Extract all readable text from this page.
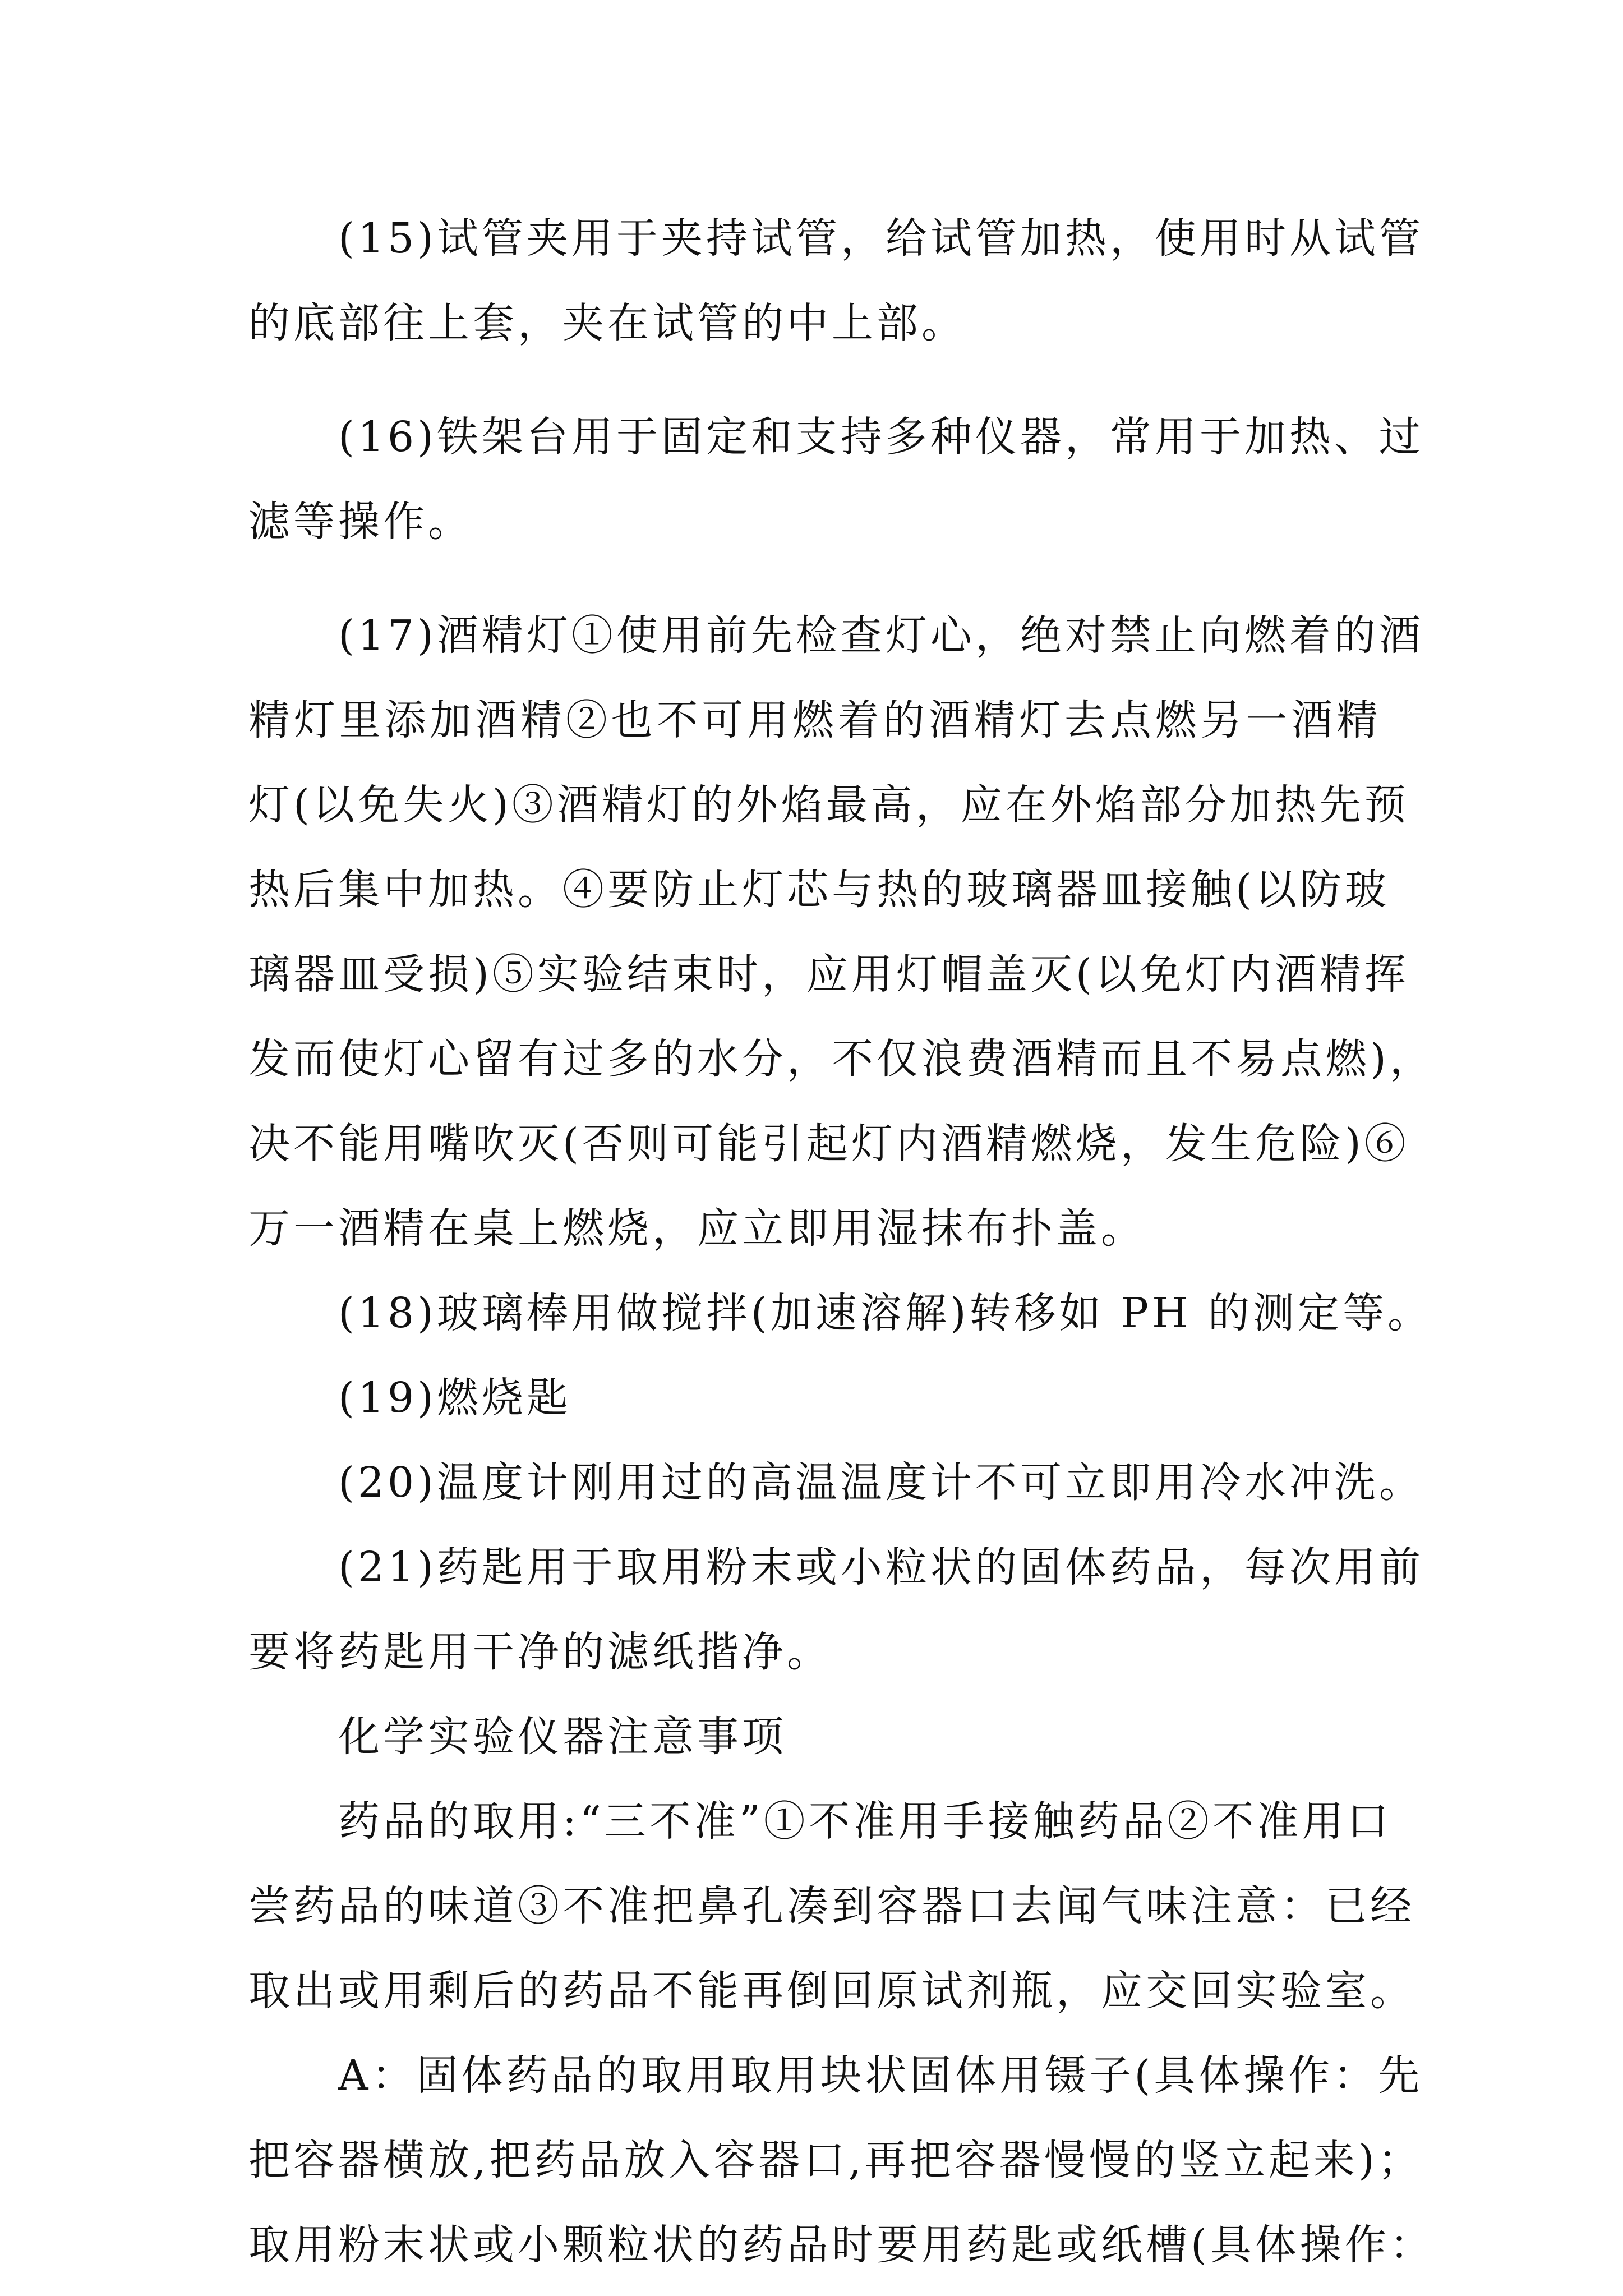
(15)试管夹用于夹持试管，给试管加热，使用时从试管
的底部往上套，夹在试管的中上部。
(16)铁架台用于固定和支持多种仪器，常用于加热、过
滤等操作。
(17)酒精灯①使用前先检查灯心，绝对禁止向燃着的酒
精灯里添加酒精②也不可用燃着的酒精灯去点燃另一酒精
灯(以免失火)③酒精灯的外焰最高，应在外焰部分加热先预
热后集中加热。④要防止灯芯与热的玻璃器皿接触(以防玻
璃器皿受损)⑤实验结束时，应用灯帽盖灭(以免灯内酒精挥
发而使灯心留有过多的水分，不仅浪费酒精而且不易点燃)，
决不能用嘴吹灭(否则可能引起灯内酒精燃烧，发生危险)⑥
万一酒精在桌上燃烧，应立即用湿抹布扑盖。
(18)玻璃棒用做搅拌(加速溶解)转移如 PH 的测定等。
(19)燃烧匙
(20)温度计刚用过的高温温度计不可立即用冷水冲洗。
(21)药匙用于取用粉末或小粒状的固体药品，每次用前
要将药匙用干净的滤纸揩净。
化学实验仪器注意事项
药品的取用:“三不准”①不准用手接触药品②不准用口
尝药品的味道③不准把鼻孔凑到容器口去闻气味注意：已经
取出或用剩后的药品不能再倒回原试剂瓶，应交回实验室。
A：固体药品的取用取用块状固体用镊子(具体操作：先
把容器横放,把药品放入容器口,再把容器慢慢的竖立起来)；
取用粉末状或小颗粒状的药品时要用药匙或纸槽(具体操作：
